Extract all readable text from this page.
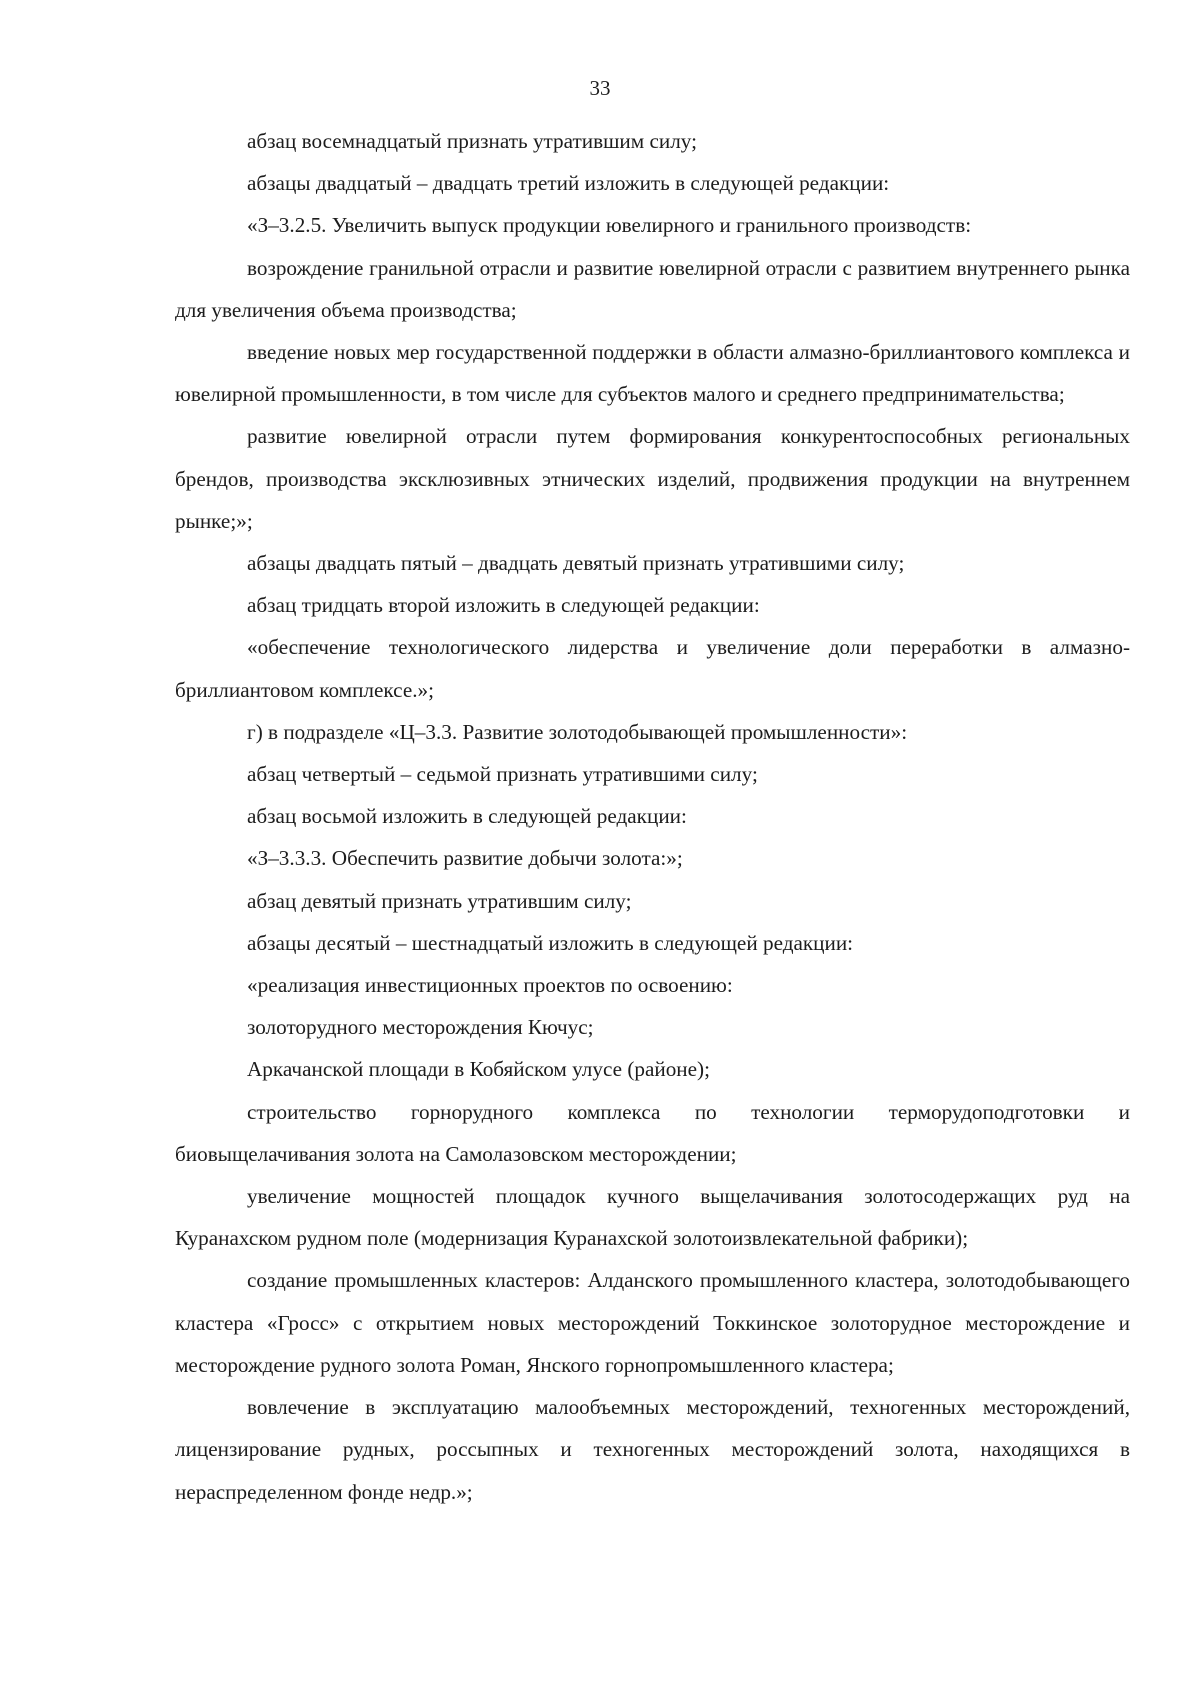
33

абзац восемнадцатый признать утратившим силу;

абзацы двадцатый – двадцать третий изложить в следующей редакции:

«З–3.2.5. Увеличить выпуск продукции ювелирного и гранильного производств:

возрождение гранильной отрасли и развитие ювелирной отрасли с развитием внутреннего рынка для увеличения объема производства;

введение новых мер государственной поддержки в области алмазно-бриллиантового комплекса и ювелирной промышленности, в том числе для субъектов малого и среднего предпринимательства;

развитие ювелирной отрасли путем формирования конкурентоспособных региональных брендов, производства эксклюзивных этнических изделий, продвижения продукции на внутреннем рынке;»;

абзацы двадцать пятый – двадцать девятый признать утратившими силу;

абзац тридцать второй изложить в следующей редакции:

«обеспечение технологического лидерства и увеличение доли переработки в алмазно-бриллиантовом комплексе.»;

г) в подразделе «Ц–3.3. Развитие золотодобывающей промышленности»:

абзац четвертый – седьмой признать утратившими силу;

абзац восьмой изложить в следующей редакции:

«З–3.3.3. Обеспечить развитие добычи золота:»;

абзац девятый признать утратившим силу;

абзацы десятый – шестнадцатый изложить в следующей редакции:

«реализация инвестиционных проектов по освоению:

золоторудного месторождения Кючус;

Аркачанской площади в Кобяйском улусе (районе);

строительство горнорудного комплекса по технологии терморудоподготовки и биовыщелачивания золота на Самолазовском месторождении;

увеличение мощностей площадок кучного выщелачивания золотосодержащих руд на Куранахском рудном поле (модернизация Куранахской золотоизвлекательной фабрики);

создание промышленных кластеров: Алданского промышленного кластера, золотодобывающего кластера «Гросс» с открытием новых месторождений Токкинское золоторудное месторождение и месторождение рудного золота Роман, Янского горнопромышленного кластера;

вовлечение в эксплуатацию малообъемных месторождений, техногенных месторождений, лицензирование рудных, россыпных и техногенных месторождений золота, находящихся в нераспределенном фонде недр.»;
